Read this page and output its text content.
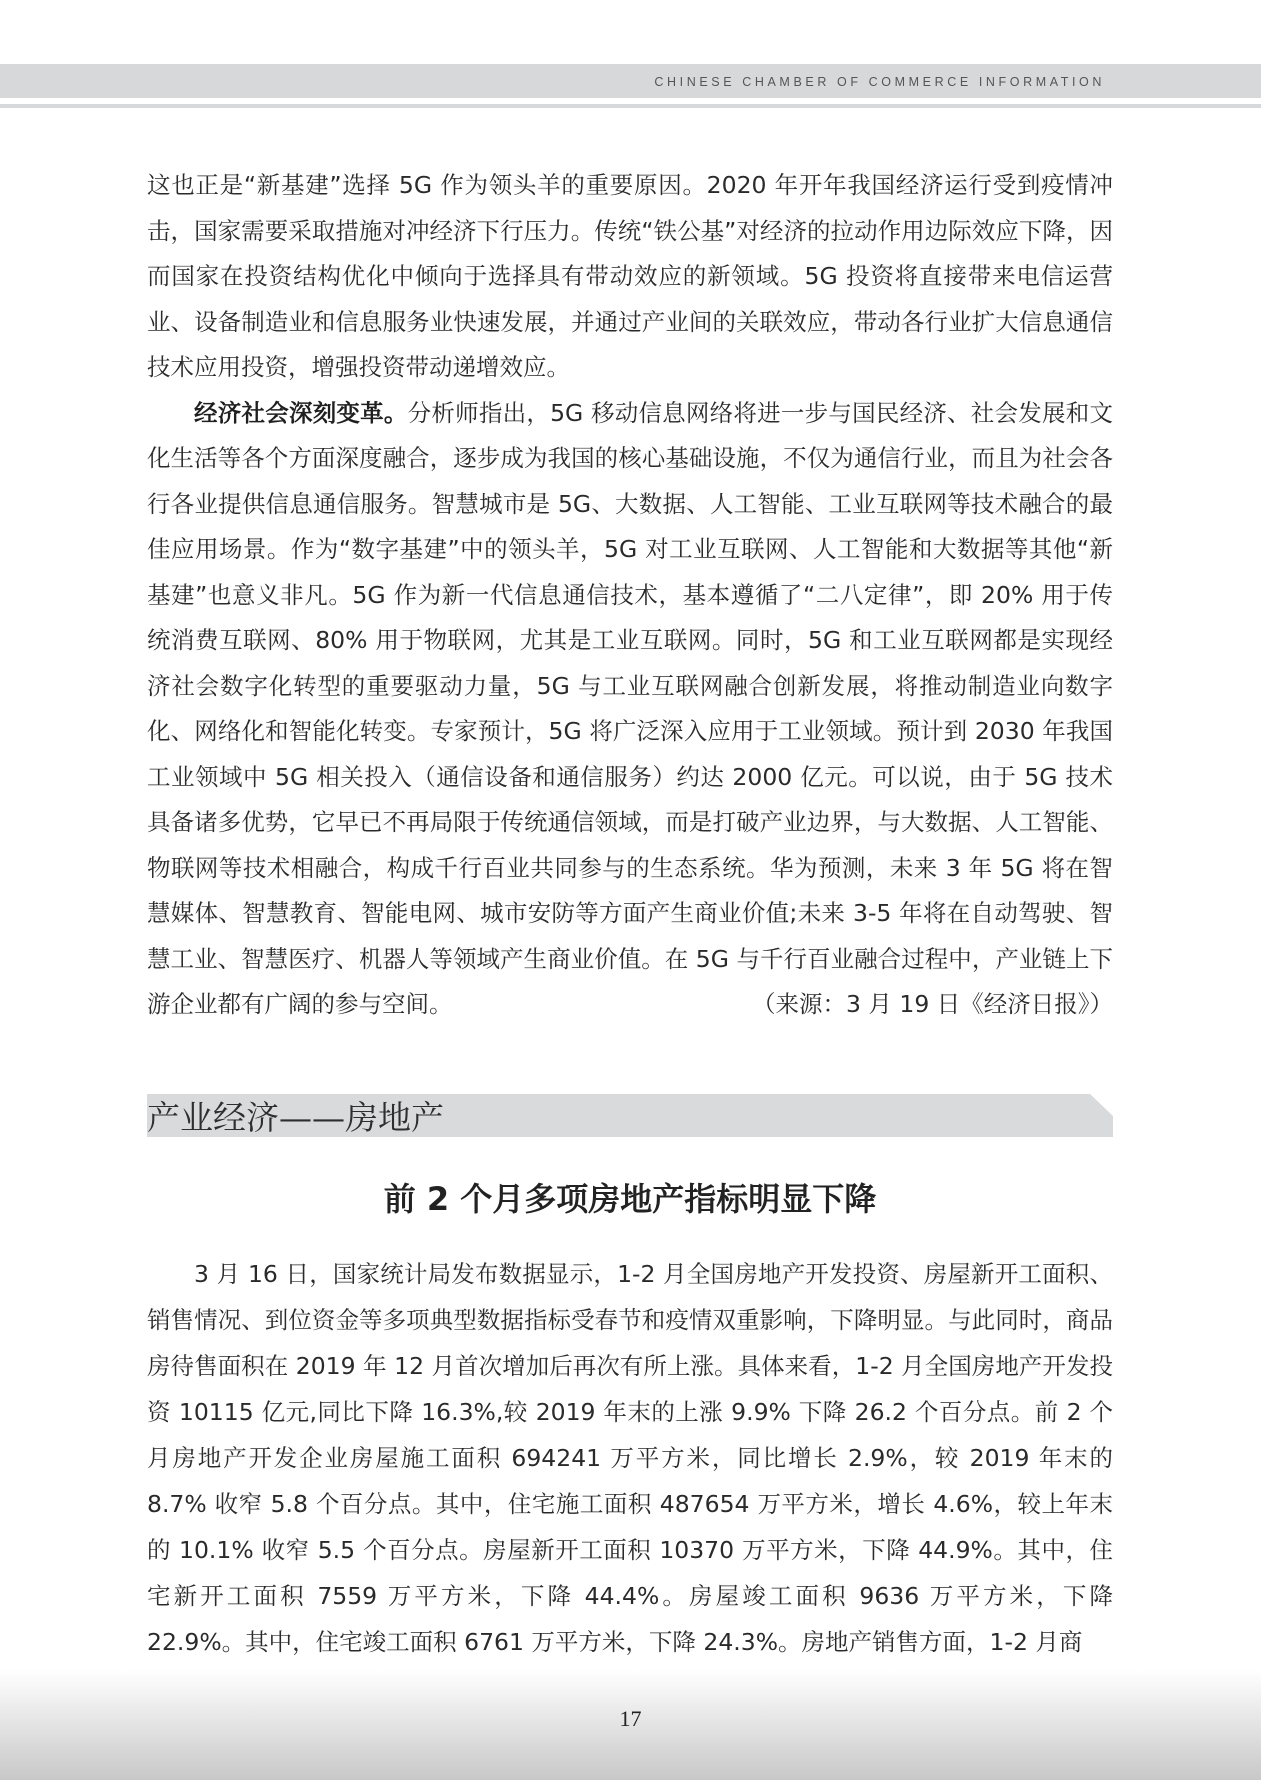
CHINESE CHAMBER OF COMMERCE INFORMATION

这也正是“新基建”选择 5G 作为领头羊的重要原因。2020 年开年我国经济运行受到疫情冲击，国家需要采取措施对冲经济下行压力。传统“铁公基”对经济的拉动作用边际效应下降，因而国家在投资结构优化中倾向于选择具有带动效应的新领域。5G 投资将直接带来电信运营业、设备制造业和信息服务业快速发展，并通过产业间的关联效应，带动各行业扩大信息通信技术应用投资，增强投资带动递增效应。

经济社会深刻变革。分析师指出，5G 移动信息网络将进一步与国民经济、社会发展和文化生活等各个方面深度融合，逐步成为我国的核心基础设施，不仅为通信行业，而且为社会各行各业提供信息通信服务。智慧城市是 5G、大数据、人工智能、工业互联网等技术融合的最佳应用场景。作为“数字基建”中的领头羊，5G 对工业互联网、人工智能和大数据等其他“新基建”也意义非凡。5G 作为新一代信息通信技术，基本遵循了“二八定律”，即 20% 用于传统消费互联网、80% 用于物联网，尤其是工业互联网。同时，5G 和工业互联网都是实现经济社会数字化转型的重要驱动力量，5G 与工业互联网融合创新发展，将推动制造业向数字化、网络化和智能化转变。专家预计，5G 将广泛深入应用于工业领域。预计到 2030 年我国工业领域中 5G 相关投入（通信设备和通信服务）约达 2000 亿元。可以说，由于 5G 技术具备诸多优势，它早已不再局限于传统通信领域，而是打破产业边界，与大数据、人工智能、物联网等技术相融合，构成千行百业共同参与的生态系统。华为预测，未来 3 年 5G 将在智慧媒体、智慧教育、智能电网、城市安防等方面产生商业价值;未来 3-5 年将在自动驾驶、智慧工业、智慧医疗、机器人等领域产生商业价值。在 5G 与千行百业融合过程中，产业链上下游企业都有广阔的参与空间。	（来源：3 月 19 日《经济日报》）

产业经济——房地产
前 2 个月多项房地产指标明显下降

3 月 16 日，国家统计局发布数据显示，1-2 月全国房地产开发投资、房屋新开工面积、销售情况、到位资金等多项典型数据指标受春节和疫情双重影响，下降明显。与此同时，商品房待售面积在 2019 年 12 月首次增加后再次有所上涨。具体来看，1-2 月全国房地产开发投资 10115 亿元,同比下降 16.3%,较 2019 年末的上涨 9.9% 下降 26.2 个百分点。前 2 个月房地产开发企业房屋施工面积 694241 万平方米，同比增长 2.9%，较 2019 年末的 8.7% 收窄 5.8 个百分点。其中，住宅施工面积 487654 万平方米，增长 4.6%，较上年末的 10.1% 收窄 5.5 个百分点。房屋新开工面积 10370 万平方米，下降 44.9%。其中，住宅新开工面积 7559 万平方米，下降 44.4%。房屋竣工面积 9636 万平方米，下降 22.9%。其中，住宅竣工面积 6761 万平方米，下降 24.3%。房地产销售方面，1-2 月商

17
